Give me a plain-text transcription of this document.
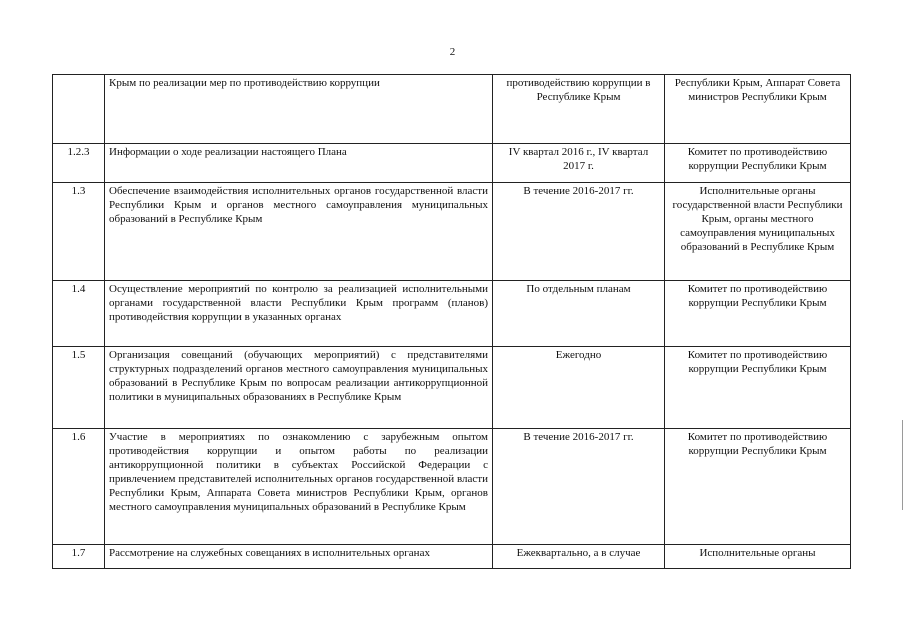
2
	Крым по реализации мер по противодействию коррупции	противодействию коррупции в Республике Крым	Республики Крым, Аппарат Совета министров Республики Крым
1.2.3	Информации о ходе реализации настоящего Плана	IV квартал 2016 г., IV квартал 2017 г.	Комитет по противодействию коррупции Республики Крым
1.3	Обеспечение взаимодействия исполнительных органов государственной власти Республики Крым и органов местного самоуправления муниципальных образований в Республике Крым	В течение 2016-2017 гг.	Исполнительные органы государственной власти Республики Крым, органы местного самоуправления муниципальных образований в Республике Крым
1.4	Осуществление мероприятий по контролю за реализацией исполнительными органами государственной власти Республики Крым программ (планов) противодействия коррупции в указанных органах	По отдельным планам	Комитет по противодействию коррупции Республики Крым
1.5	Организация совещаний (обучающих мероприятий) с представителями структурных подразделений органов местного самоуправления муниципальных образований в Республике Крым по вопросам реализации антикоррупционной политики в муниципальных образованиях в Республике Крым	Ежегодно	Комитет по противодействию коррупции Республики Крым
1.6	Участие в мероприятиях по ознакомлению с зарубежным опытом противодействия коррупции и опытом работы по реализации антикоррупционной политики в субъектах Российской Федерации с привлечением представителей исполнительных органов государственной власти Республики Крым, Аппарата Совета министров Республики Крым, органов местного самоуправления муниципальных образований в Республике Крым	В течение 2016-2017 гг.	Комитет по противодействию коррупции Республики Крым
1.7	Рассмотрение на служебных совещаниях в исполнительных органах	Ежеквартально, а в случае	Исполнительные органы
